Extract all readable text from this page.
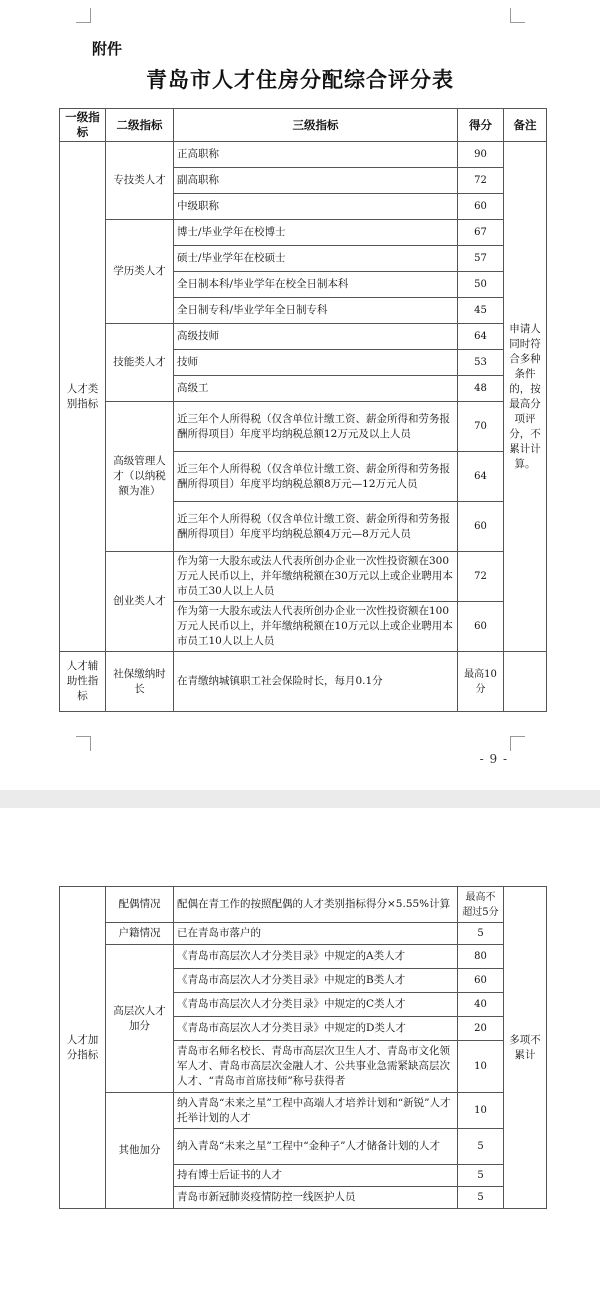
附件
青岛市人才住房分配综合评分表
一级指标	二级指标	三级指标	得分	备注
人才类别指标	专技类人才	正高职称	90	申请人同时符合多种条件的，按最高分项评分，不累计计算。

		副高职称	72	
		中级职称	60	
	学历类人才	博士/毕业学年在校博士	67	
		硕士/毕业学年在校硕士	57	
		全日制本科/毕业学年在校全日制本科	50	
		全日制专科/毕业学年全日制专科	45	
	技能类人才	高级技师	64	
		技师	53	
		高级工	48	
	高级管理人才（以纳税额为准）	近三年个人所得税（仅含单位计缴工资、薪金所得和劳务报酬所得项目）年度平均纳税总额12万元及以上人员	70	
		近三年个人所得税（仅含单位计缴工资、薪金所得和劳务报酬所得项目）年度平均纳税总额8万元—12万元人员	64	
		近三年个人所得税（仅含单位计缴工资、薪金所得和劳务报酬所得项目）年度平均纳税总额4万元—8万元人员	60	
	创业类人才	作为第一大股东或法人代表所创办企业一次性投资额在300万元人民币以上，并年缴纳税额在30万元以上或企业聘用本市员工30人以上人员	72	
		作为第一大股东或法人代表所创办企业一次性投资额在100万元人民币以上，并年缴纳税额在10万元以上或企业聘用本市员工10人以上人员	60	
人才辅助性指标	社保缴纳时长	在青缴纳城镇职工社会保险时长，每月0.1分	最高10分	
- 9 -
人才加分指标	配偶情况	配偶在青工作的按照配偶的人才类别指标得分×5.55%计算	最高不超过5分	多项不累计
	户籍情况	已在青岛市落户的	5	
	高层次人才加分	《青岛市高层次人才分类目录》中规定的A类人才	80	
		《青岛市高层次人才分类目录》中规定的B类人才	60	
		《青岛市高层次人才分类目录》中规定的C类人才	40	
		《青岛市高层次人才分类目录》中规定的D类人才	20	
		青岛市名师名校长、青岛市高层次卫生人才、青岛市文化领军人才、青岛市高层次金融人才、公共事业急需紧缺高层次人才、“青岛市首席技师”称号获得者	10	
	其他加分	纳入青岛“未来之星”工程中高端人才培养计划和“新锐”人才托举计划的人才	10	
		纳入青岛“未来之星”工程中“金种子”人才储备计划的人才	5	
		持有博士后证书的人才	5	
		青岛市新冠肺炎疫情防控一线医护人员	5	
